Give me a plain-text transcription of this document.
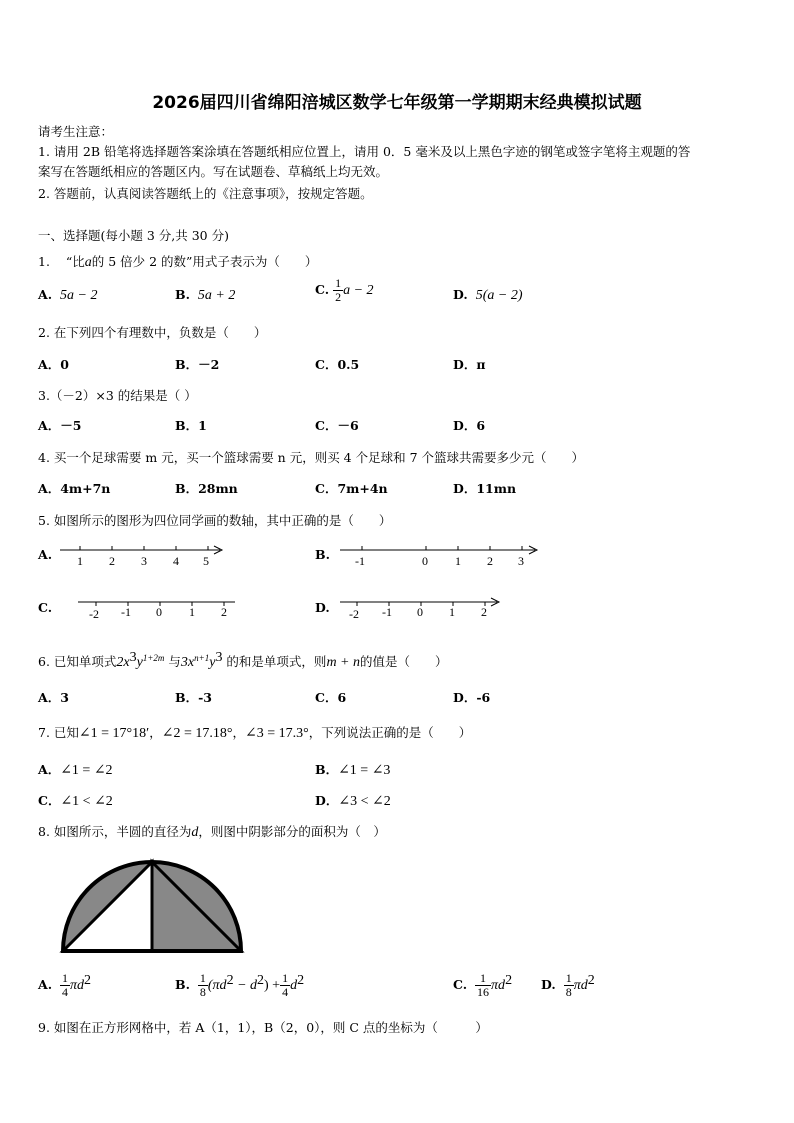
2026届四川省绵阳涪城区数学七年级第一学期期末经典模拟试题
请考生注意：
1. 请用 2B 铅笔将选择题答案涂填在答题纸相应位置上，请用 0．5 毫米及以上黑色字迹的钢笔或签字笔将主观题的答
案写在答题纸相应的答题区内。写在试题卷、草稿纸上均无效。
2. 答题前，认真阅读答题纸上的《注意事项》，按规定答题。
一、选择题(每小题 3 分,共 30 分)
1. “比a的 5 倍少 2 的数”用式子表示为（　　）
A. 5a − 2	B. 5a + 2	C. $\frac{1}{2}$ a − 2	D. 5(a − 2)
2. 在下列四个有理数中，负数是（　　）
A．0	B．－2	C．0.5	D．π
3.（－2）×3 的结果是（ ）
A．－5	B．1	C．－6	D．6
4. 买一个足球需要 m 元，买一个篮球需要 n 元，则买 4 个足球和 7 个篮球共需要多少元（　　）
A．4m+7n	B．28mn	C．7m+4n	D．11mn
5. 如图所示的图形为四位同学画的数轴，其中正确的是（　　）
A. 1 2 3 4 5	B. -1	0 1 2 3
C.	-2 -1 0 1 2	D. -2 -1 0 1 2
6. 已知单项式$2x^3y^{1+2m}$ 与$3x^{n+1}y^3$ 的和是单项式，则m + n的值是（　　）
A．3	B．-3	C．6	D．-6
7. 已知∠1 = 17°18′，∠2 = 17.18°，∠3 = 17.3°，下列说法正确的是（　　）
A．∠1 = ∠2	B．∠1 = ∠3
C．∠1 < ∠2	D．∠3 < ∠2
8. 如图所示，半圆的直径为d，则图中阴影部分的面积为（　）
A. $\frac{1}{4} \pi d^2$	B. $\frac{1}{8} (\pi d^2 - d^2) + \frac{1}{4} d^2$	C. $\frac{1}{16} \pi d^2$ D. $\frac{1}{8} \pi d^2$
9. 如图在正方形网格中，若 A（1，1），B（2，0），则 C 点的坐标为（　　　）
